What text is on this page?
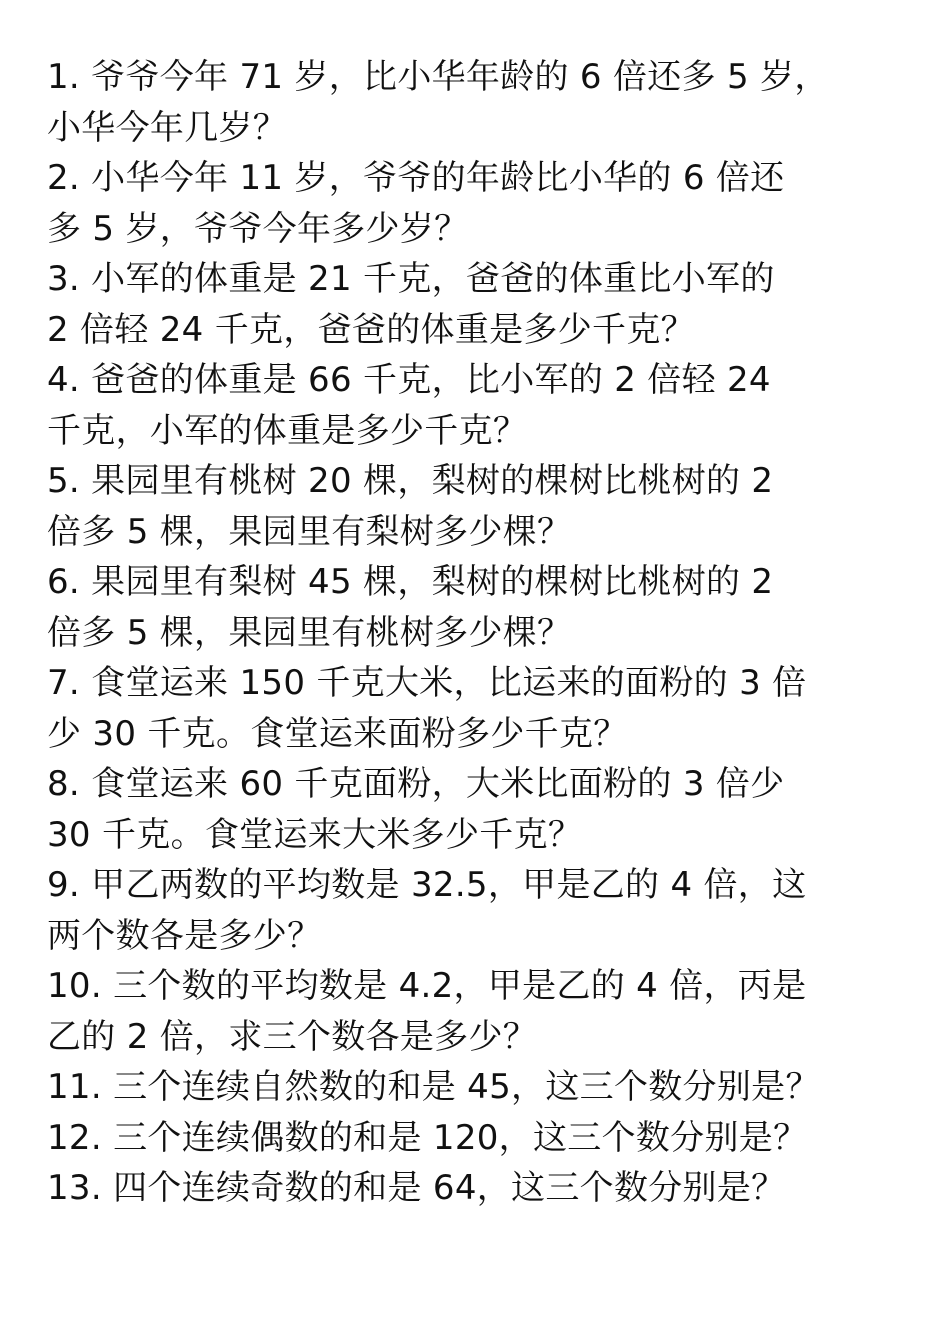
1. 爷爷今年 71 岁，比小华年龄的 6 倍还多 5 岁，
小华今年几岁？
2. 小华今年 11 岁，爷爷的年龄比小华的 6 倍还
多 5 岁，爷爷今年多少岁？
3. 小军的体重是 21 千克，爸爸的体重比小军的
2 倍轻 24 千克，爸爸的体重是多少千克？
4. 爸爸的体重是 66 千克，比小军的 2 倍轻 24
千克，小军的体重是多少千克？
5. 果园里有桃树 20 棵，梨树的棵树比桃树的 2
倍多 5 棵，果园里有梨树多少棵？
6. 果园里有梨树 45 棵，梨树的棵树比桃树的 2
倍多 5 棵，果园里有桃树多少棵？
7. 食堂运来 150 千克大米，比运来的面粉的 3 倍
少 30 千克。食堂运来面粉多少千克？
8. 食堂运来 60 千克面粉，大米比面粉的 3 倍少
30 千克。食堂运来大米多少千克？
9. 甲乙两数的平均数是 32.5，甲是乙的 4 倍，这
两个数各是多少？
10. 三个数的平均数是 4.2，甲是乙的 4 倍，丙是
乙的 2 倍，求三个数各是多少？
11. 三个连续自然数的和是 45，这三个数分别是？
12. 三个连续偶数的和是 120，这三个数分别是？
13. 四个连续奇数的和是 64，这三个数分别是？
